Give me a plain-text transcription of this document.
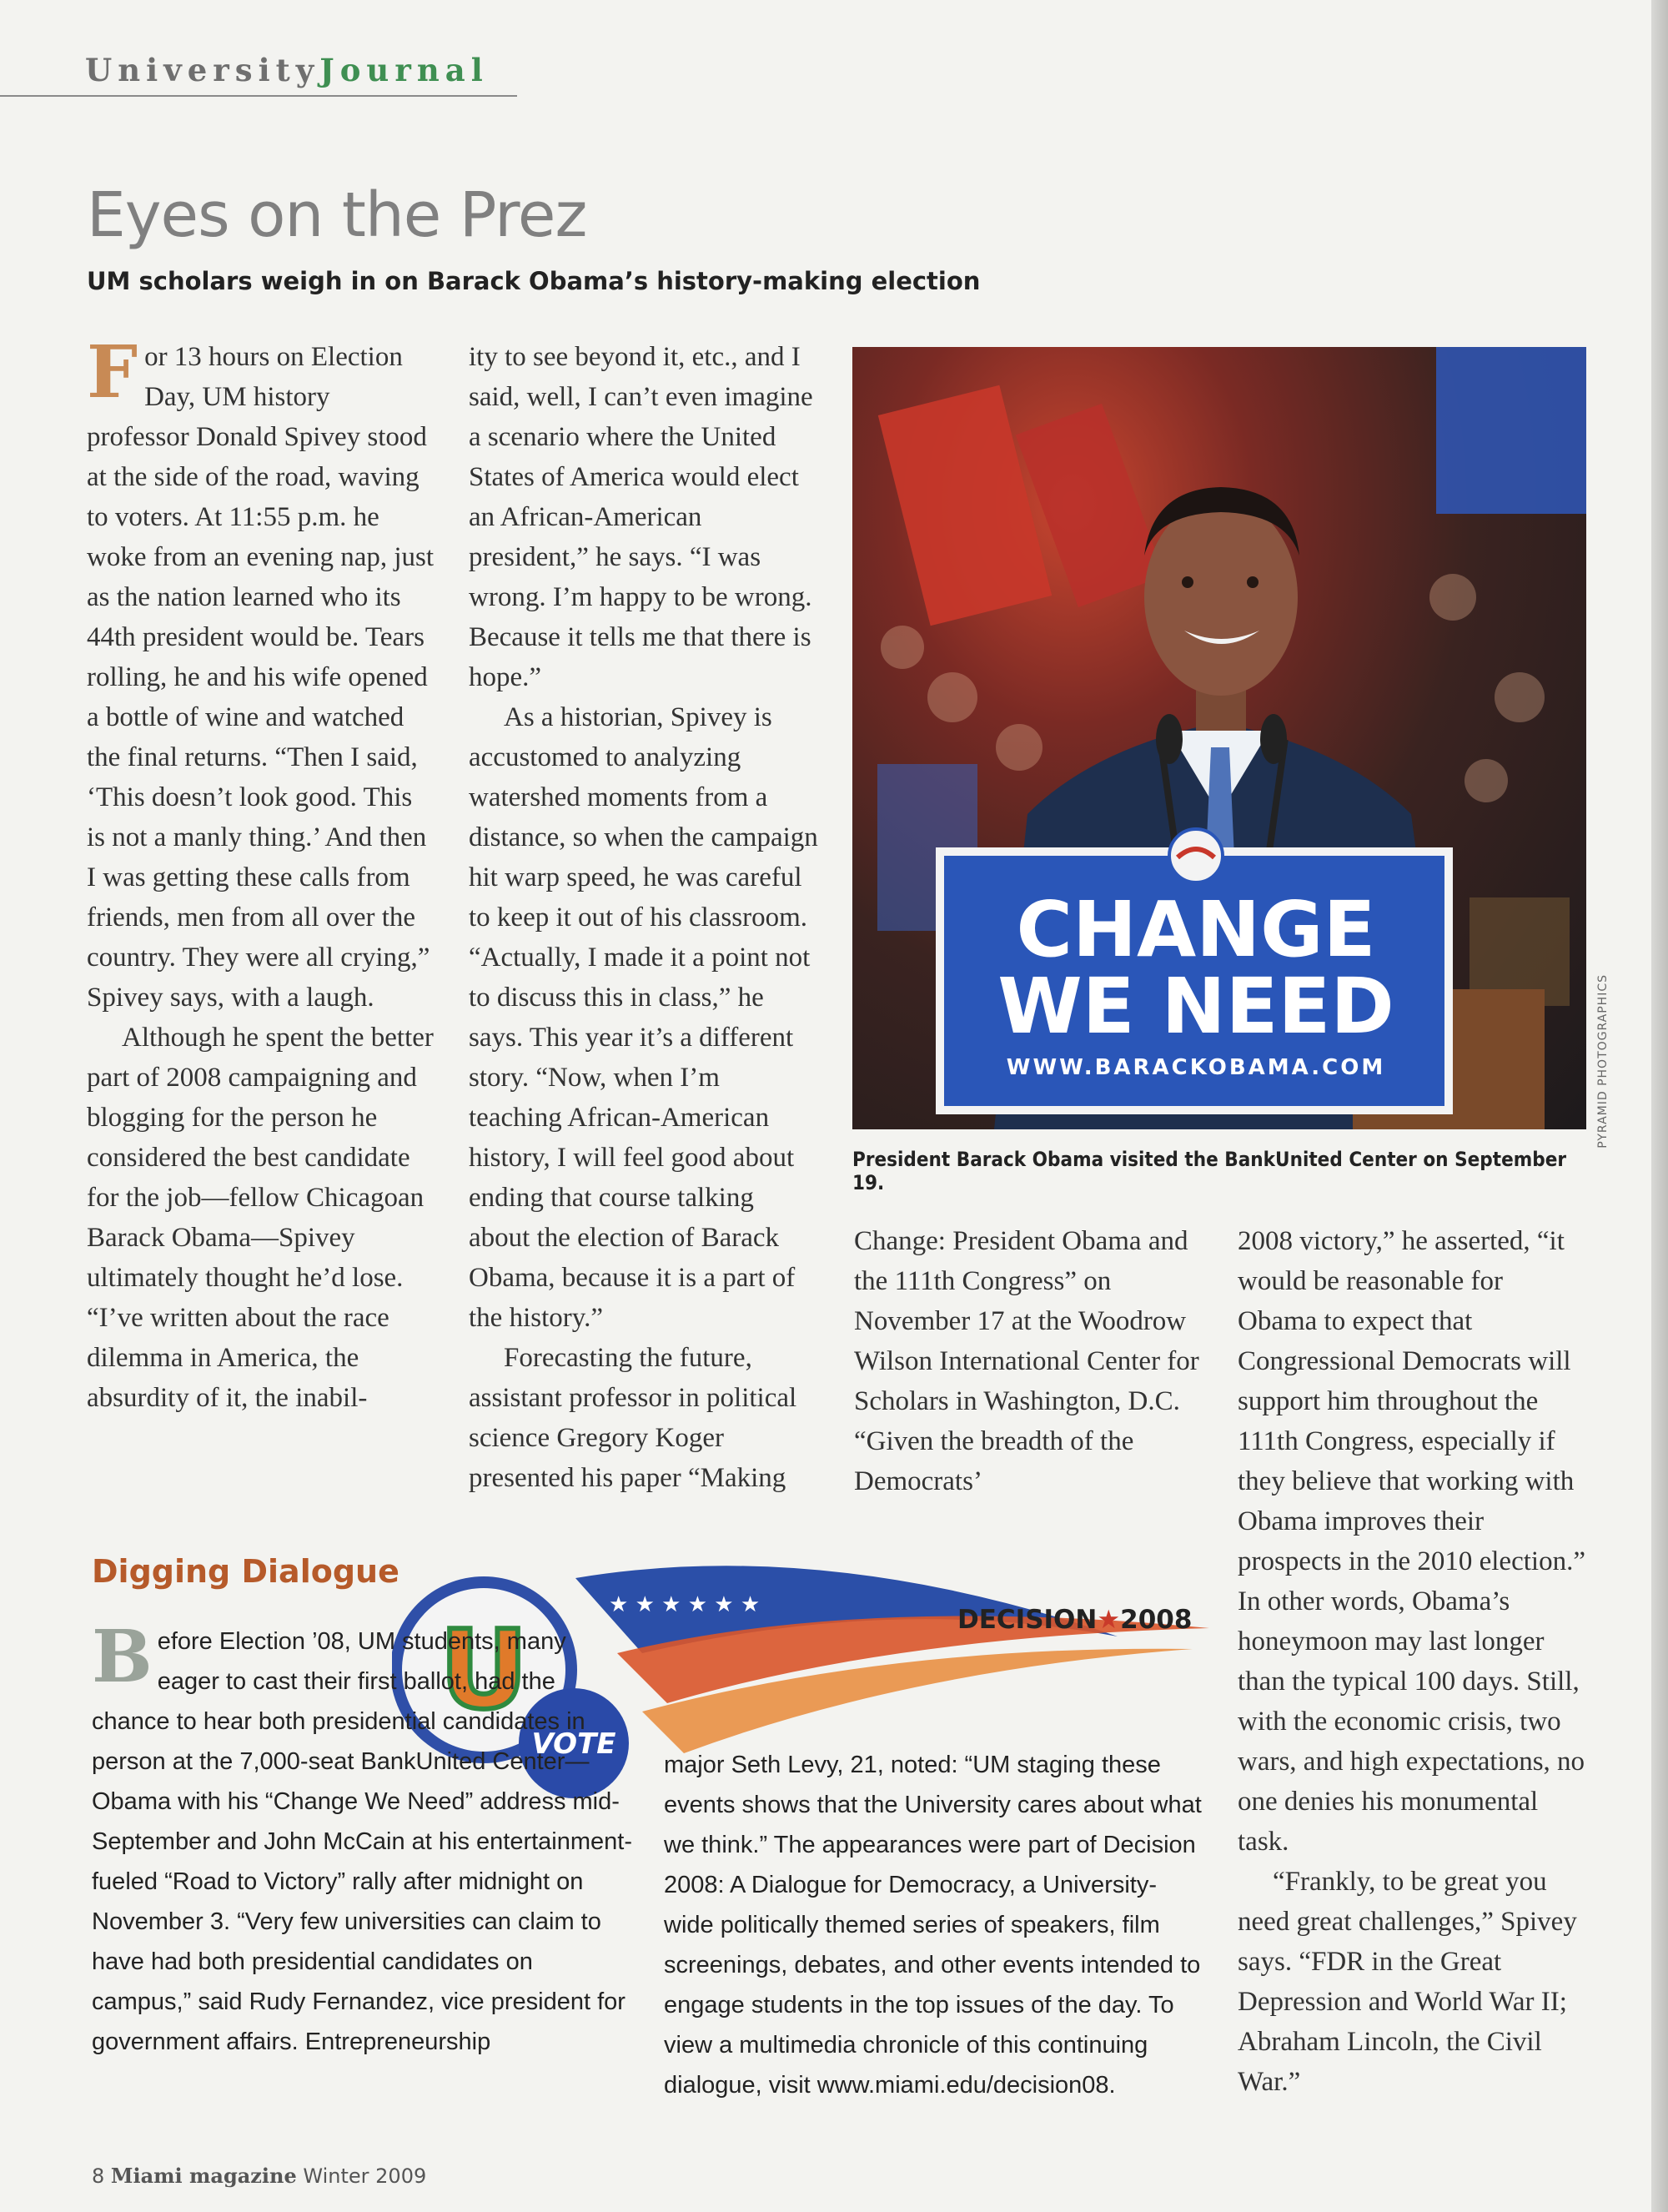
UniversityJournal
Eyes on the Prez
UM scholars weigh in on Barack Obama’s history-making election

For 13 hours on Election Day, UM history professor Donald Spivey stood at the side of the road, waving to voters. At 11:55 p.m. he woke from an evening nap, just as the nation learned who its 44th president would be. Tears rolling, he and his wife opened a bottle of wine and watched the final returns. “Then I said, ‘This doesn’t look good. This is not a manly thing.’ And then I was getting these calls from friends, men from all over the country. They were all crying,” Spivey says, with a laugh.

Although he spent the better part of 2008 campaigning and blogging for the person he considered the best candidate for the job—fellow Chicagoan Barack Obama—Spivey ultimately thought he’d lose. “I’ve written about the race dilemma in America, the absurdity of it, the inabil-

ity to see beyond it, etc., and I said, well, I can’t even imagine a scenario where the United States of America would elect an African-American president,” he says. “I was wrong. I’m happy to be wrong. Because it tells me that there is hope.”

As a historian, Spivey is accustomed to analyzing watershed moments from a distance, so when the campaign hit warp speed, he was careful to keep it out of his classroom. “Actually, I made it a point not to discuss this in class,” he says. This year it’s a different story. “Now, when I’m teaching African-American history, I will feel good about ending that course talking about the election of Barack Obama, because it is a part of the history.”

Forecasting the future, assistant professor in political science Gregory Koger presented his paper “Making

CHANGE
WE NEED
WWW.BARACKOBAMA.COM	PYRAMID PHOTOGRAPHICS

President Barack Obama visited the BankUnited Center on September 19.

Change: President Obama and the 111th Congress” on November 17 at the Woodrow Wilson International Center for Scholars in Washington, D.C. “Given the breadth of the Democrats’

2008 victory,” he asserted, “it would be reasonable for Obama to expect that Congressional Democrats will support him throughout the 111th Congress, especially if they believe that working with Obama improves their prospects in the 2010 election.” In other words, Obama’s honeymoon may last longer than the typical 100 days. Still, with the economic crisis, two wars, and high expectations, no one denies his monumental task.

“Frankly, to be great you need great challenges,” Spivey says. “FDR in the Great Depression and World War II; Abraham Lincoln, the Civil War.”

Digging Dialogue
★ ★ ★ ★ ★ ★
U
VOTE
DECISION★2008

Before Election ’08, UM students, many eager to cast their first ballot, had the chance to hear both presidential candidates in person at the 7,000-seat BankUnited Center—Obama with his “Change We Need” address mid-September and John McCain at his entertainment-fueled “Road to Victory” rally after midnight on November 3. “Very few universities can claim to have had both presidential candidates on campus,” said Rudy Fernandez, vice president for government affairs. Entrepreneurship

major Seth Levy, 21, noted: “UM staging these events shows that the University cares about what we think.” The appearances were part of Decision 2008: A Dialogue for Democracy, a University-wide politically themed series of speakers, film screenings, debates, and other events intended to engage students in the top issues of the day. To view a multimedia chronicle of this continuing dialogue, visit www.miami.edu/decision08.

8 Miami magazine Winter 2009
